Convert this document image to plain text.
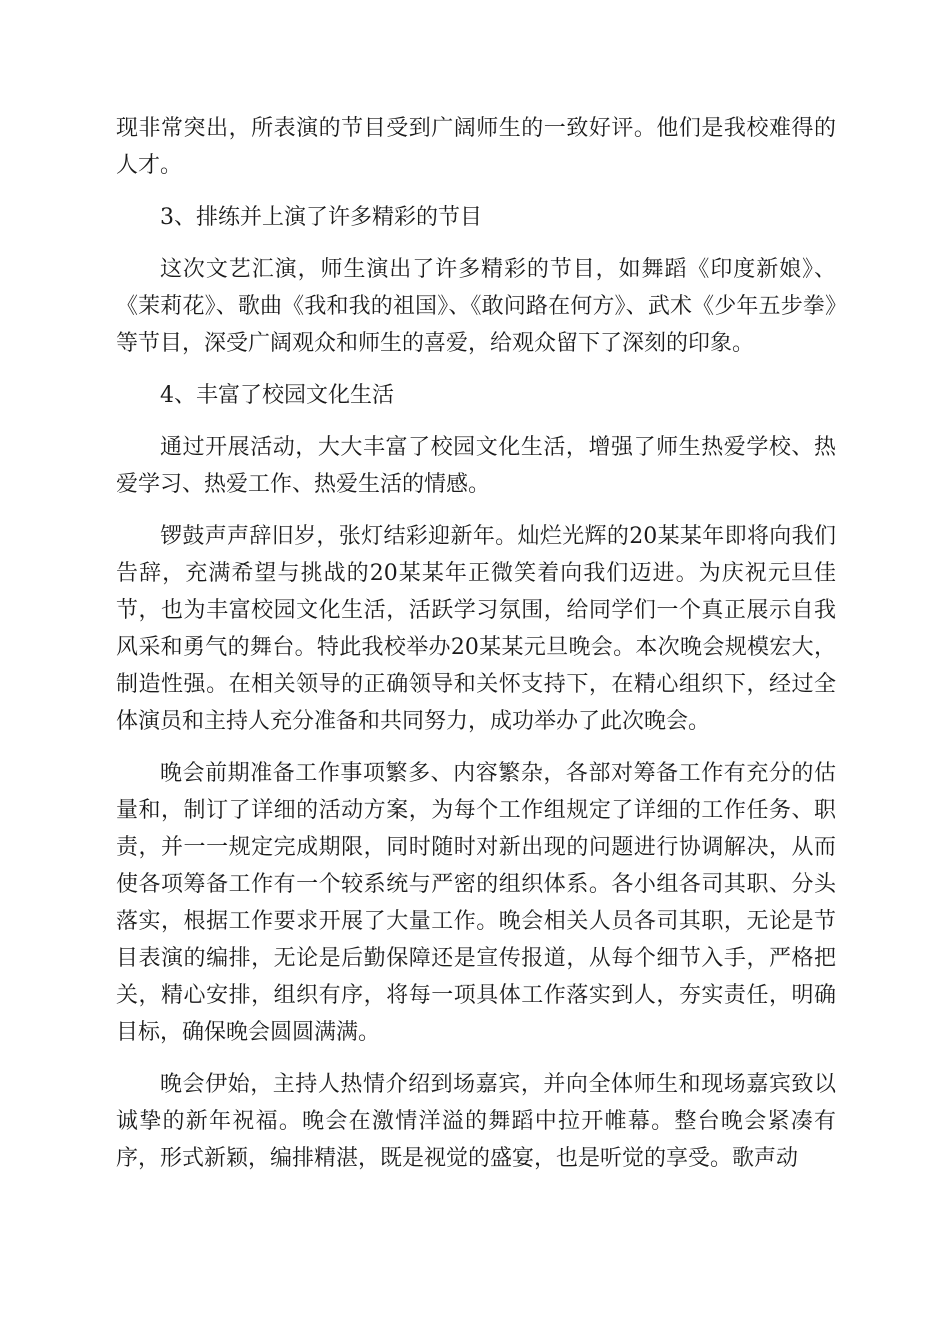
现非常突出，所表演的节目受到广阔师生的一致好评。他们是我校难得的人才。

3、排练并上演了许多精彩的节目

这次文艺汇演，师生演出了许多精彩的节目，如舞蹈《印度新娘》、《茉莉花》、歌曲《我和我的祖国》、《敢问路在何方》、武术《少年五步拳》等节目，深受广阔观众和师生的喜爱，给观众留下了深刻的印象。

4、丰富了校园文化生活

通过开展活动，大大丰富了校园文化生活，增强了师生热爱学校、热爱学习、热爱工作、热爱生活的情感。

锣鼓声声辞旧岁，张灯结彩迎新年。灿烂光辉的20某某年即将向我们告辞，充满希望与挑战的20某某年正微笑着向我们迈进。为庆祝元旦佳节，也为丰富校园文化生活，活跃学习氛围，给同学们一个真正展示自我风采和勇气的舞台。特此我校举办20某某元旦晚会。本次晚会规模宏大，制造性强。在相关领导的正确领导和关怀支持下，在精心组织下，经过全体演员和主持人充分准备和共同努力，成功举办了此次晚会。

晚会前期准备工作事项繁多、内容繁杂，各部对筹备工作有充分的估量和，制订了详细的活动方案，为每个工作组规定了详细的工作任务、职责，并一一规定完成期限，同时随时对新出现的问题进行协调解决，从而使各项筹备工作有一个较系统与严密的组织体系。各小组各司其职、分头落实，根据工作要求开展了大量工作。晚会相关人员各司其职，无论是节目表演的编排，无论是后勤保障还是宣传报道，从每个细节入手，严格把关，精心安排，组织有序，将每一项具体工作落实到人，夯实责任，明确目标，确保晚会圆圆满满。

晚会伊始，主持人热情介绍到场嘉宾，并向全体师生和现场嘉宾致以诚挚的新年祝福。晚会在激情洋溢的舞蹈中拉开帷幕。整台晚会紧凑有序，形式新颖，编排精湛，既是视觉的盛宴，也是听觉的享受。歌声动
